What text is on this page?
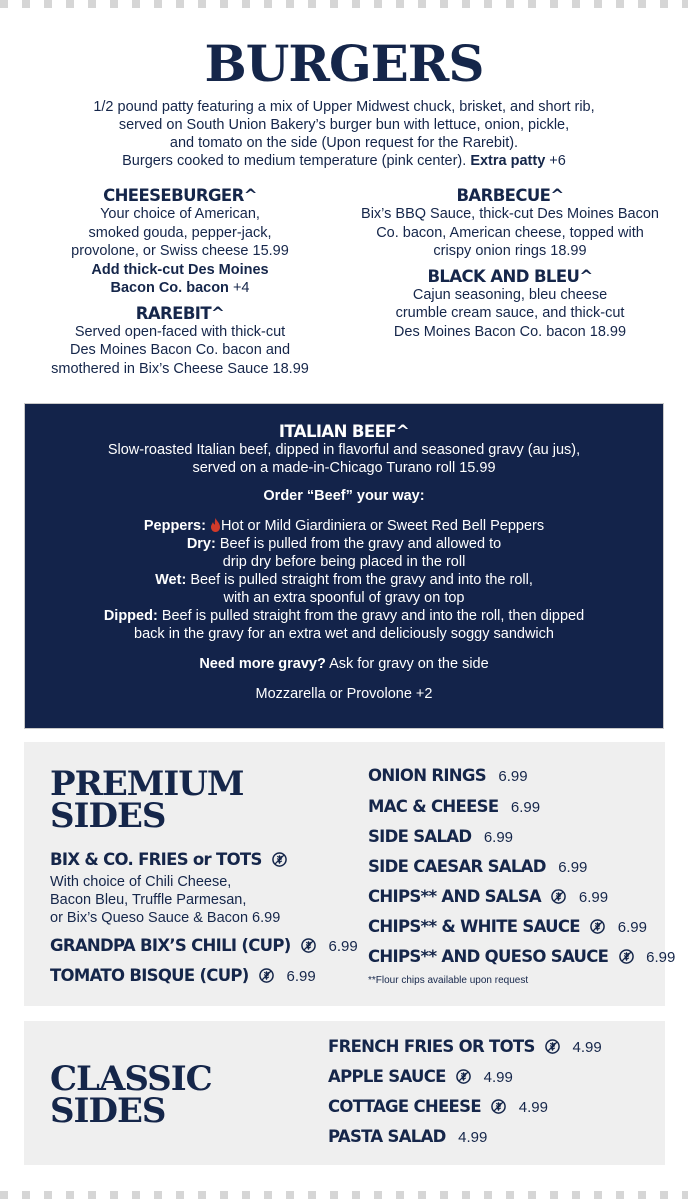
BURGERS
1/2 pound patty featuring a mix of Upper Midwest chuck, brisket, and short rib,
served on South Union Bakery’s burger bun with lettuce, onion, pickle,
and tomato on the side (Upon request for the Rarebit).
Burgers cooked to medium temperature (pink center). Extra patty +6
CHEESEBURGER^
Your choice of American,
smoked gouda, pepper-jack,
provolone, or Swiss cheese 15.99
Add thick-cut Des Moines
Bacon Co. bacon +4
RAREBIT^
Served open-faced with thick-cut
Des Moines Bacon Co. bacon and
smothered in Bix’s Cheese Sauce 18.99
BARBECUE^
Bix’s BBQ Sauce, thick-cut Des Moines Bacon
Co. bacon, American cheese, topped with
crispy onion rings 18.99
BLACK AND BLEU^
Cajun seasoning, bleu cheese
crumble cream sauce, and thick-cut
Des Moines Bacon Co. bacon 18.99
ITALIAN BEEF^
Slow-roasted Italian beef, dipped in flavorful and seasoned gravy (au jus),
served on a made-in-Chicago Turano roll 15.99
Order “Beef” your way:
Peppers: Hot or Mild Giardiniera or Sweet Red Bell Peppers
Dry: Beef is pulled from the gravy and allowed to
drip dry before being placed in the roll
Wet: Beef is pulled straight from the gravy and into the roll,
with an extra spoonful of gravy on top
Dipped: Beef is pulled straight from the gravy and into the roll, then dipped
back in the gravy for an extra wet and deliciously soggy sandwich
Need more gravy? Ask for gravy on the side
Mozzarella or Provolone +2
PREMIUM
SIDES
BIX & CO. FRIES or TOTS
With choice of Chili Cheese,
Bacon Bleu, Truffle Parmesan,
or Bix’s Queso Sauce & Bacon 6.99
GRANDPA BIX’S CHILI (CUP)	6.99
TOMATO BISQUE (CUP)	6.99
ONION RINGS 6.99
MAC & CHEESE 6.99
SIDE SALAD 6.99
SIDE CAESAR SALAD 6.99
CHIPS** AND SALSA	6.99
CHIPS** & WHITE SAUCE	6.99
CHIPS** AND QUESO SAUCE	6.99
**Flour chips available upon request
CLASSIC
SIDES
FRENCH FRIES OR TOTS	4.99
APPLE SAUCE	4.99
COTTAGE CHEESE	4.99
PASTA SALAD 4.99
